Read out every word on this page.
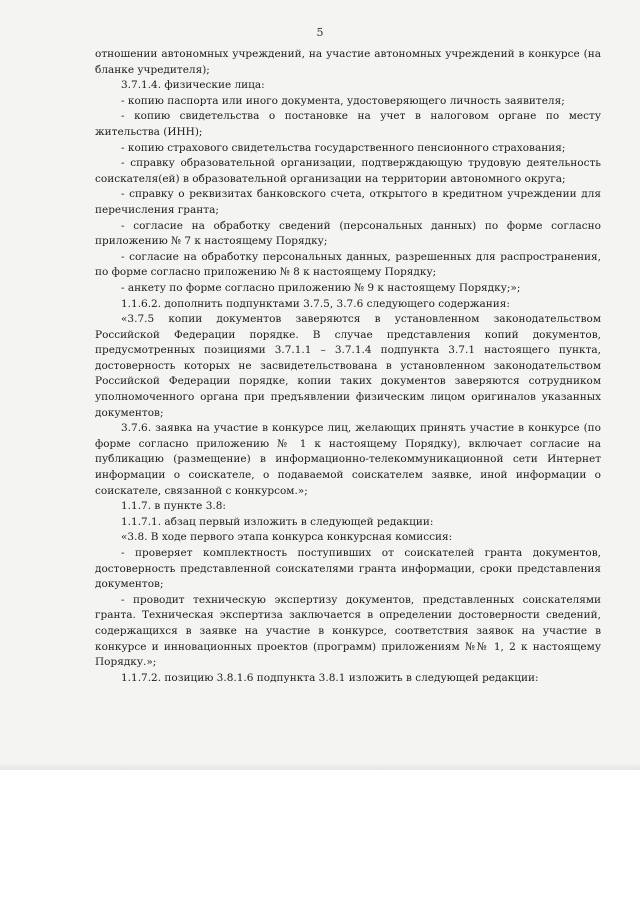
5

отношении автономных учреждений, на участие автономных учреждений в конкурсе (на бланке учредителя);

3.7.1.4. физические лица:

- копию паспорта или иного документа, удостоверяющего личность заявителя;

- копию свидетельства о постановке на учет в налоговом органе по месту жительства (ИНН);

- копию страхового свидетельства государственного пенсионного страхования;

- справку образовательной организации, подтверждающую трудовую деятельность соискателя(ей) в образовательной организации на территории автономного округа;

- справку о реквизитах банковского счета, открытого в кредитном учреждении для перечисления гранта;

- согласие на обработку сведений (персональных данных) по форме согласно приложению № 7 к настоящему Порядку;

- согласие на обработку персональных данных, разрешенных для распространения, по форме согласно приложению № 8 к настоящему Порядку;

- анкету по форме согласно приложению № 9 к настоящему Порядку;»;

1.1.6.2. дополнить подпунктами 3.7.5, 3.7.6 следующего содержания:

«3.7.5 копии документов заверяются в установленном законодательством Российской Федерации порядке. В случае представления копий документов, предусмотренных позициями 3.7.1.1 – 3.7.1.4 подпункта 3.7.1 настоящего пункта, достоверность которых не засвидетельствована в установленном законодательством Российской Федерации порядке, копии таких документов заверяются сотрудником уполномоченного органа при предъявлении физическим лицом оригиналов указанных документов;

3.7.6. заявка на участие в конкурсе лиц, желающих принять участие в конкурсе (по форме согласно приложению № 1 к настоящему Порядку), включает согласие на публикацию (размещение) в информационно-телекоммуникационной сети Интернет информации о соискателе, о подаваемой соискателем заявке, иной информации о соискателе, связанной с конкурсом.»;

1.1.7. в пункте 3.8:

1.1.7.1. абзац первый изложить в следующей редакции:

«3.8. В ходе первого этапа конкурса конкурсная комиссия:

- проверяет комплектность поступивших от соискателей гранта документов, достоверность представленной соискателями гранта информации, сроки представления документов;

- проводит техническую экспертизу документов, представленных соискателями гранта. Техническая экспертиза заключается в определении достоверности сведений, содержащихся в заявке на участие в конкурсе, соответствия заявок на участие в конкурсе и инновационных проектов (программ) приложениям №№ 1, 2 к настоящему Порядку.»;

1.1.7.2. позицию 3.8.1.6 подпункта 3.8.1 изложить в следующей редакции:
